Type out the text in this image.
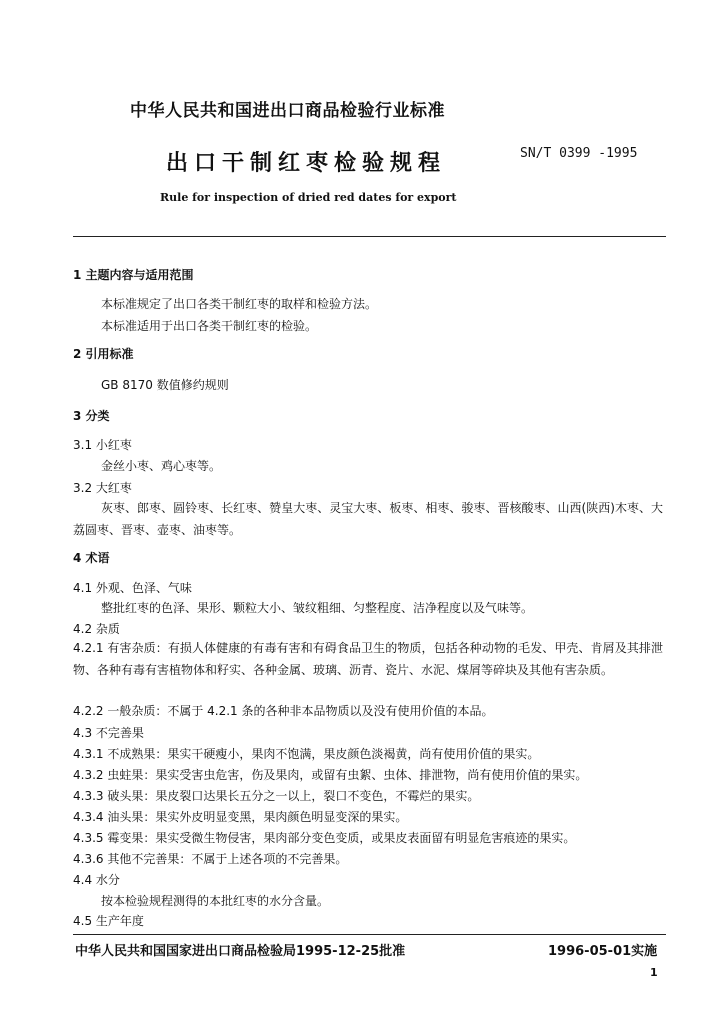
中华人民共和国进出口商品检验行业标准
出口干制红枣检验规程	SN/T 0399 -1995
Rule for inspection of dried red dates for export
1 主题内容与适用范围
本标准规定了出口各类干制红枣的取样和检验方法。
本标准适用于出口各类干制红枣的检验。
2 引用标准
GB 8170 数值修约规则
3 分类
3.1 小红枣
金丝小枣、鸡心枣等。
3.2 大红枣
灰枣、郎枣、圆铃枣、长红枣、赞皇大枣、灵宝大枣、板枣、相枣、骏枣、晋核酸枣、山西(陕西)木枣、大荔圆枣、晋枣、壶枣、油枣等。
4 术语
4.1 外观、色泽、气味
整批红枣的色泽、果形、颗粒大小、皱纹粗细、匀整程度、洁净程度以及气味等。
4.2 杂质
4.2.1 有害杂质：有损人体健康的有毒有害和有碍食品卫生的物质，包括各种动物的毛发、甲壳、肯屑及其排泄物、各种有毒有害植物体和籽实、各种金属、玻璃、沥青、瓷片、水泥、煤屑等碎块及其他有害杂质。
4.2.2 一般杂质：不属于 4.2.1 条的各种非本品物质以及没有使用价值的本品。
4.3 不完善果
4.3.1 不成熟果：果实干硬瘦小，果肉不饱满，果皮颜色淡褐黄，尚有使用价值的果实。
4.3.2 虫蛀果：果实受害虫危害，伤及果肉，或留有虫絮、虫体、排泄物，尚有使用价值的果实。
4.3.3 破头果：果皮裂口达果长五分之一以上，裂口不变色，不霉烂的果实。
4.3.4 油头果：果实外皮明显变黑，果肉颜色明显变深的果实。
4.3.5 霉变果：果实受微生物侵害，果肉部分变色变质，或果皮表面留有明显危害痕迹的果实。
4.3.6 其他不完善果：不属于上述各项的不完善果。
4.4 水分
按本检验规程测得的本批红枣的水分含量。
4.5 生产年度
中华人民共和国国家进出口商品检验局1995-12-25批准	1996-05-01实施
1
